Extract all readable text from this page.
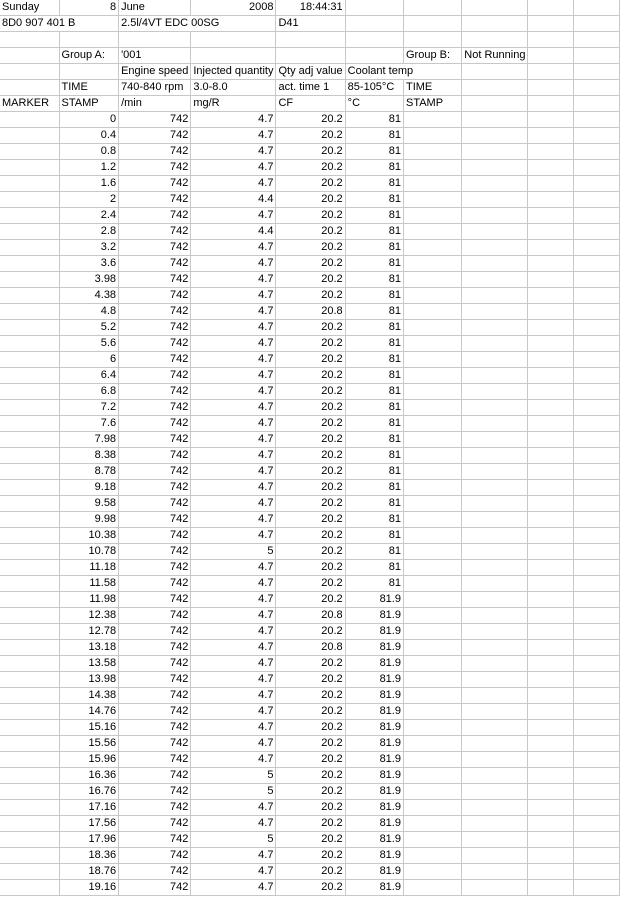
Sunday	8	June	2008	18:44:31					
8D0 907 401 B		2.5l/4VT EDC 00SG		D41					

	Group A:	'001				Group B:	Not Running		
		Engine speed	Injected quantity	Qty adj value	Coolant temp				
	TIME	740-840 rpm	3.0-8.0	act. time 1	85-105°C	TIME			
MARKER	STAMP	/min	mg/R	CF	°C	STAMP			
	0	742	4.7	20.2	81				
	0.4	742	4.7	20.2	81				
	0.8	742	4.7	20.2	81				
	1.2	742	4.7	20.2	81				
	1.6	742	4.7	20.2	81				
	2	742	4.4	20.2	81				
	2.4	742	4.7	20.2	81				
	2.8	742	4.4	20.2	81				
	3.2	742	4.7	20.2	81				
	3.6	742	4.7	20.2	81				
	3.98	742	4.7	20.2	81				
	4.38	742	4.7	20.2	81				
	4.8	742	4.7	20.8	81				
	5.2	742	4.7	20.2	81				
	5.6	742	4.7	20.2	81				
	6	742	4.7	20.2	81				
	6.4	742	4.7	20.2	81				
	6.8	742	4.7	20.2	81				
	7.2	742	4.7	20.2	81				
	7.6	742	4.7	20.2	81				
	7.98	742	4.7	20.2	81				
	8.38	742	4.7	20.2	81				
	8.78	742	4.7	20.2	81				
	9.18	742	4.7	20.2	81				
	9.58	742	4.7	20.2	81				
	9.98	742	4.7	20.2	81				
	10.38	742	4.7	20.2	81				
	10.78	742	5	20.2	81				
	11.18	742	4.7	20.2	81				
	11.58	742	4.7	20.2	81				
	11.98	742	4.7	20.2	81.9				
	12.38	742	4.7	20.8	81.9				
	12.78	742	4.7	20.2	81.9				
	13.18	742	4.7	20.8	81.9				
	13.58	742	4.7	20.2	81.9				
	13.98	742	4.7	20.2	81.9				
	14.38	742	4.7	20.2	81.9				
	14.76	742	4.7	20.2	81.9				
	15.16	742	4.7	20.2	81.9				
	15.56	742	4.7	20.2	81.9				
	15.96	742	4.7	20.2	81.9				
	16.36	742	5	20.2	81.9				
	16.76	742	5	20.2	81.9				
	17.16	742	4.7	20.2	81.9				
	17.56	742	4.7	20.2	81.9				
	17.96	742	5	20.2	81.9				
	18.36	742	4.7	20.2	81.9				
	18.76	742	4.7	20.2	81.9				
	19.16	742	4.7	20.2	81.9				
